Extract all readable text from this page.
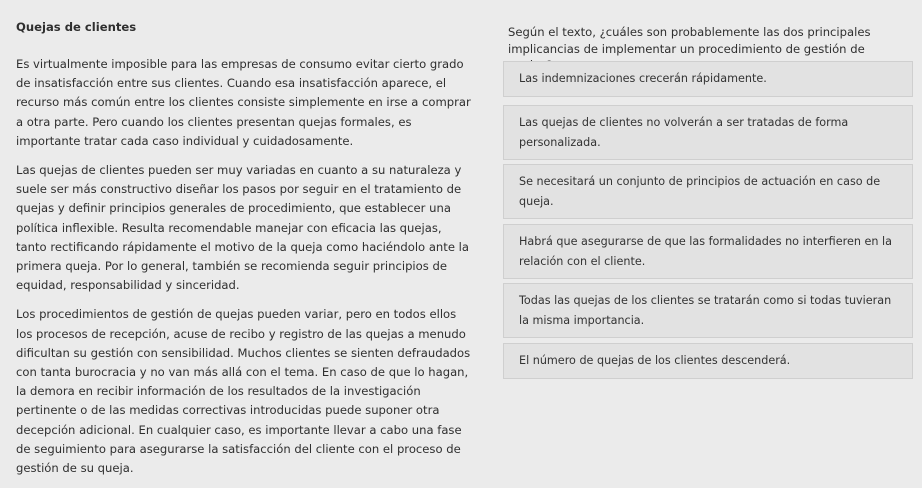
Quejas de clientes

Es virtualmente imposible para las empresas de consumo evitar cierto grado de insatisfacción entre sus clientes. Cuando esa insatisfacción aparece, el recurso más común entre los clientes consiste simplemente en irse a comprar a otra parte. Pero cuando los clientes presentan quejas formales, es importante tratar cada caso individual y cuidadosamente.

Las quejas de clientes pueden ser muy variadas en cuanto a su naturaleza y suele ser más constructivo diseñar los pasos por seguir en el tratamiento de quejas y definir principios generales de procedimiento, que establecer una política inflexible. Resulta recomendable manejar con eficacia las quejas, tanto rectificando rápidamente el motivo de la queja como haciéndolo ante la primera queja. Por lo general, también se recomienda seguir principios de equidad, responsabilidad y sinceridad.

Los procedimientos de gestión de quejas pueden variar, pero en todos ellos los procesos de recepción, acuse de recibo y registro de las quejas a menudo dificultan su gestión con sensibilidad. Muchos clientes se sienten defraudados con tanta burocracia y no van más allá con el tema. En caso de que lo hagan, la demora en recibir información de los resultados de la investigación pertinente o de las medidas correctivas introducidas puede suponer otra decepción adicional. En cualquier caso, es importante llevar a cabo una fase de seguimiento para asegurarse la satisfacción del cliente con el proceso de gestión de su queja.

Según el texto, ¿cuáles son probablemente las dos principales implicancias de implementar un procedimiento de gestión de

Las indemnizaciones crecerán rápidamente.
Las quejas de clientes no volverán a ser tratadas de forma personalizada.
Se necesitará un conjunto de principios de actuación en caso de queja.
Habrá que asegurarse de que las formalidades no interfieren en la relación con el cliente.
Todas las quejas de los clientes se tratarán como si todas tuvieran la misma importancia.
El número de quejas de los clientes descenderá.
